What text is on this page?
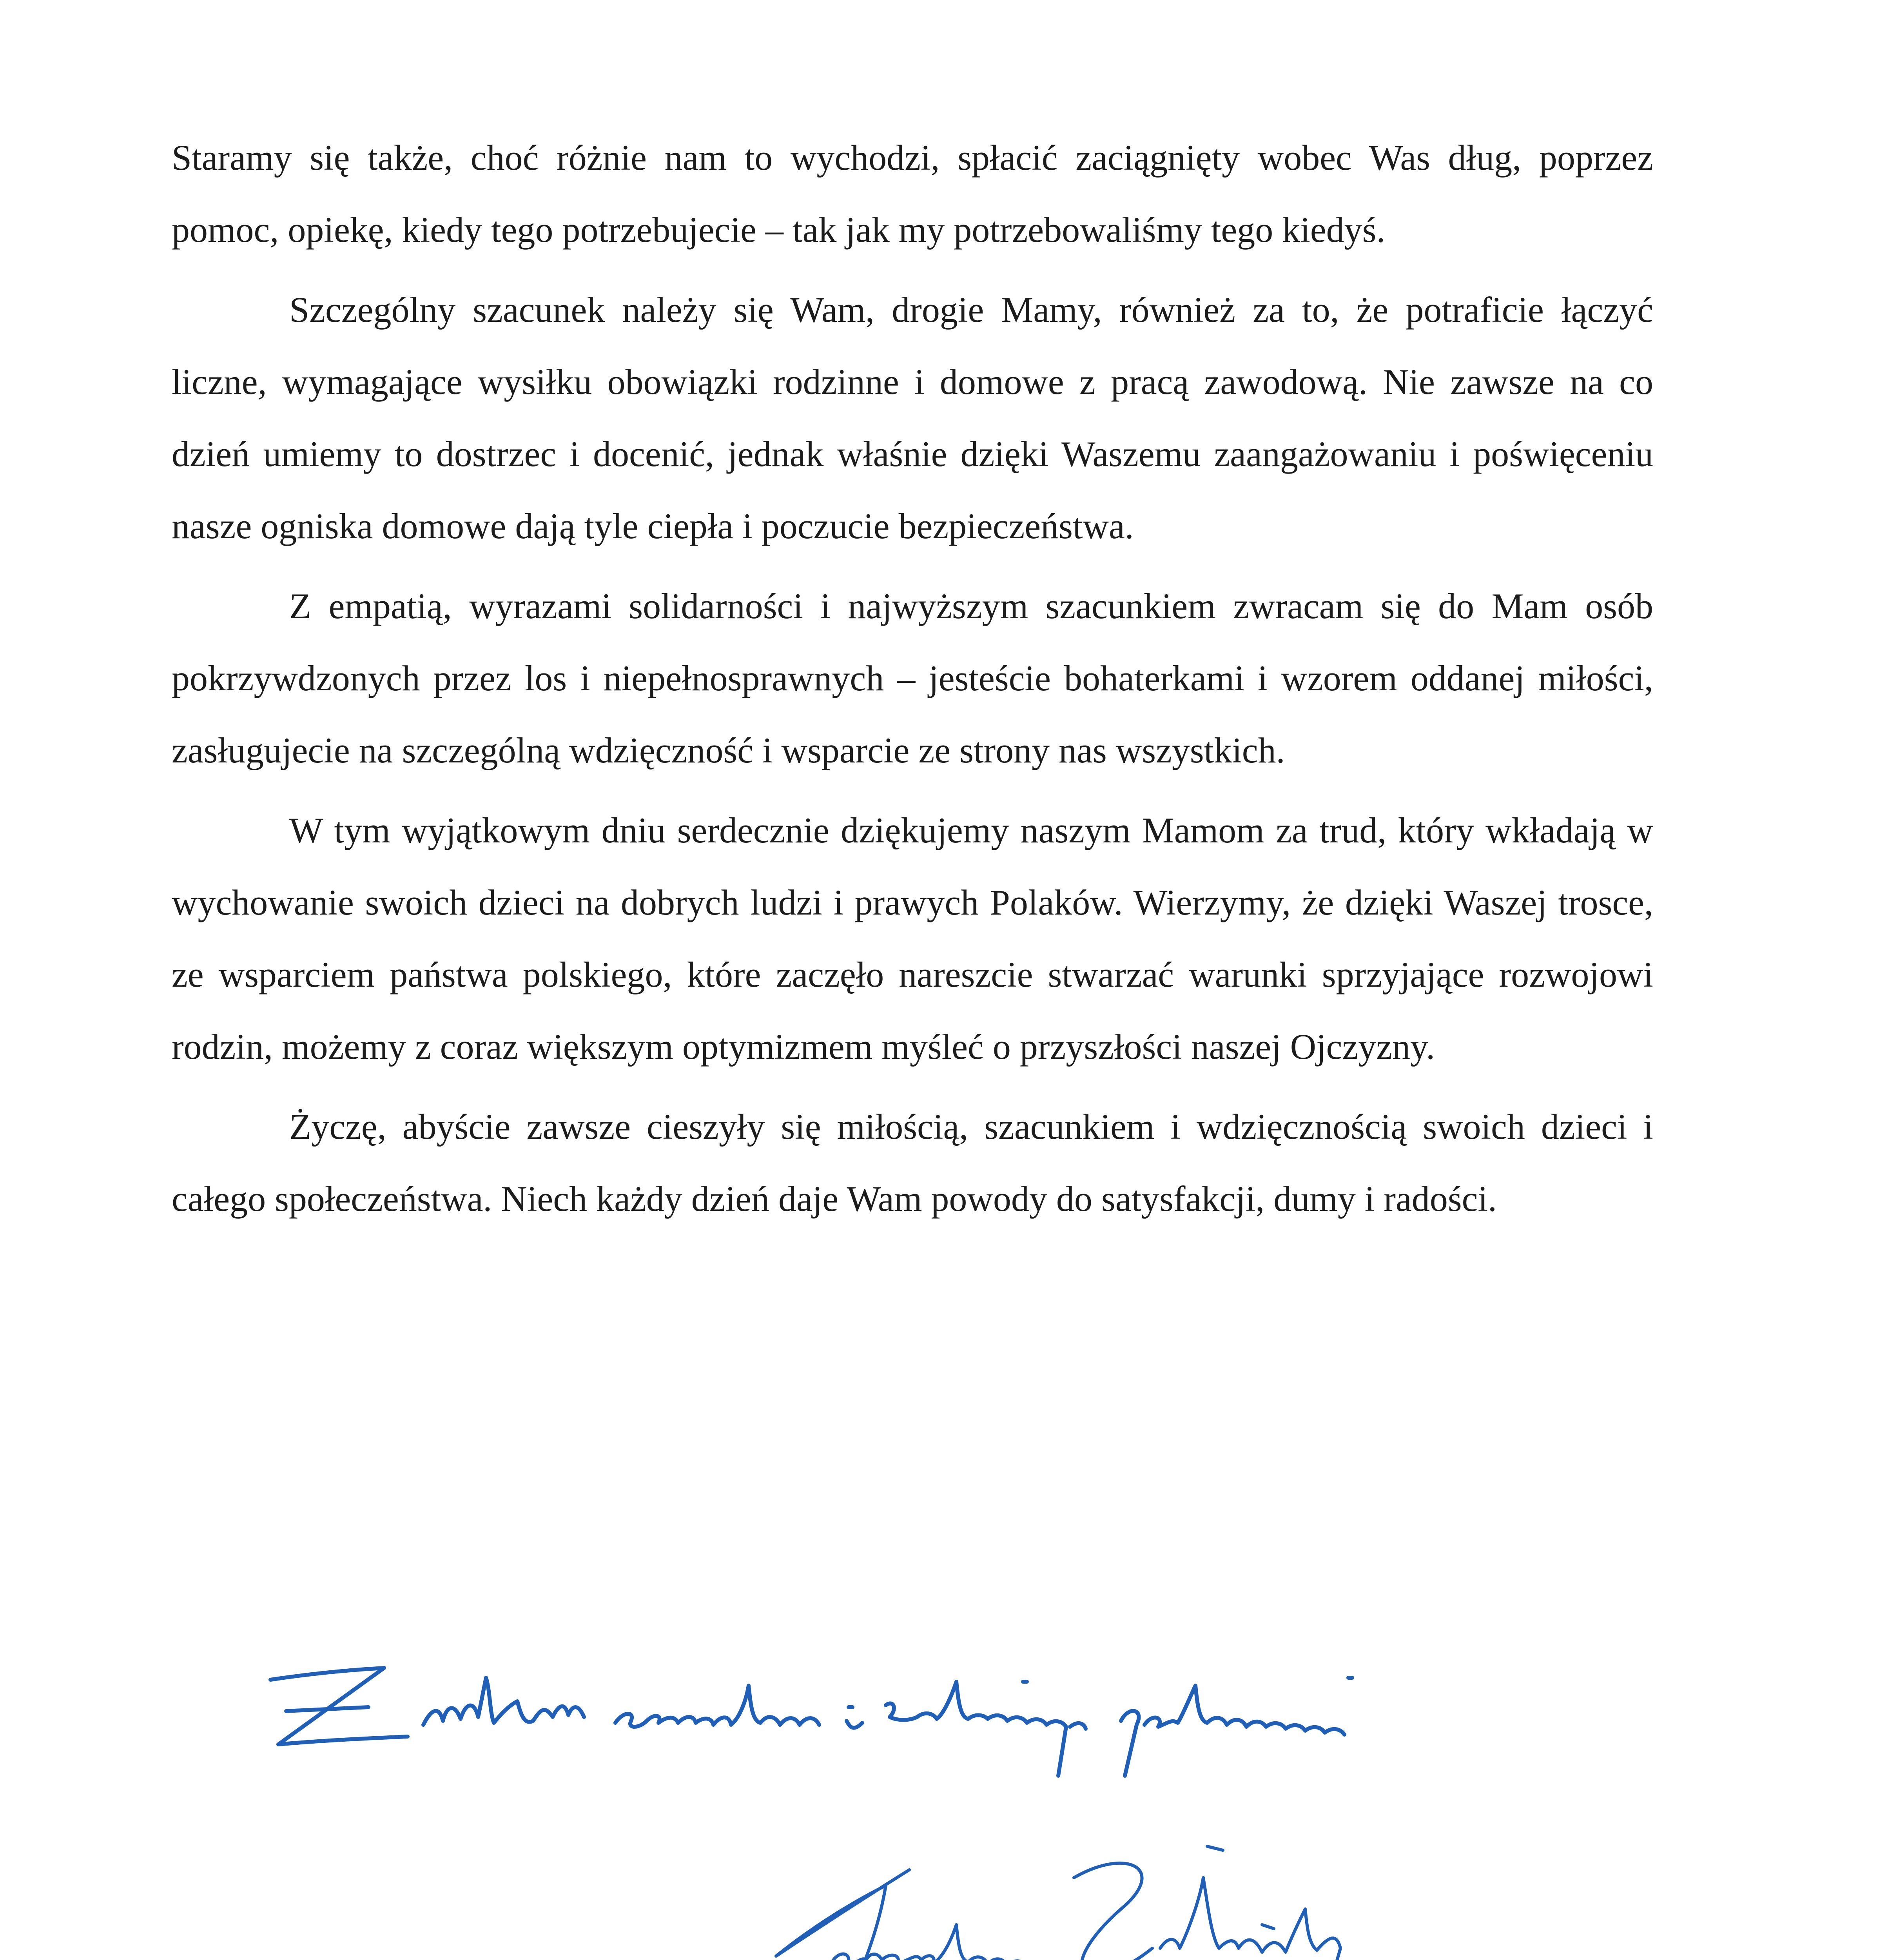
Staramy się także, choć różnie nam to wychodzi, spłacić zaciągnięty wobec Was dług, poprzez pomoc, opiekę, kiedy tego potrzebujecie – tak jak my potrzebowaliśmy tego kiedyś.

Szczególny szacunek należy się Wam, drogie Mamy, również za to, że potraficie łączyć liczne, wymagające wysiłku obowiązki rodzinne i domowe z pracą zawodową. Nie zawsze na co dzień umiemy to dostrzec i docenić, jednak właśnie dzięki Waszemu zaangażowaniu i poświęceniu nasze ogniska domowe dają tyle ciepła i poczucie bezpieczeństwa.

Z empatią, wyrazami solidarności i najwyższym szacunkiem zwracam się do Mam osób pokrzywdzonych przez los i niepełnosprawnych – jesteście bohaterkami i wzorem oddanej miłości, zasługujecie na szczególną wdzięczność i wsparcie ze strony nas wszystkich.

W tym wyjątkowym dniu serdecznie dziękujemy naszym Mamom za trud, który wkładają w wychowanie swoich dzieci na dobrych ludzi i prawych Polaków. Wierzymy, że dzięki Waszej trosce, ze wsparciem państwa polskiego, które zaczęło nareszcie stwarzać warunki sprzyjające rozwojowi rodzin, możemy z coraz większym optymizmem myśleć o przyszłości naszej Ojczyzny.

Życzę, abyście zawsze cieszyły się miłością, szacunkiem i wdzięcznością swoich dzieci i całego społeczeństwa. Niech każdy dzień daje Wam powody do satysfakcji, dumy i radości.
